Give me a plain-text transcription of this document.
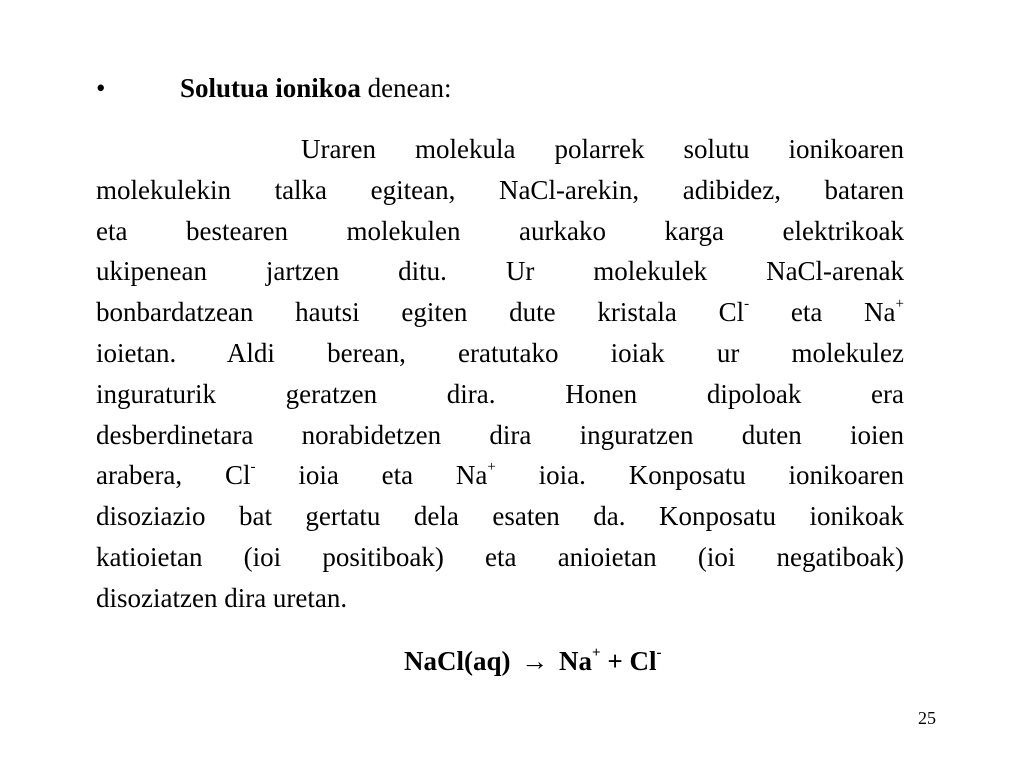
•	Solutua ionikoa denean:
Uraren molekula polarrek solutu ionikoaren
molekulekin talka egitean, NaCl-arekin, adibidez, bataren
eta bestearen molekulen aurkako karga elektrikoak
ukipenean jartzen ditu. Ur molekulek NaCl-arenak
bonbardatzean hautsi egiten dute kristala Cl- eta Na+
ioietan. Aldi berean, eratutako ioiak ur molekulez
inguraturik geratzen dira. Honen dipoloak era
desberdinetara norabidetzen dira inguratzen duten ioien
arabera, Cl- ioia eta Na+ ioia. Konposatu ionikoaren
disoziazio bat gertatu dela esaten da. Konposatu ionikoak
katioietan (ioi positiboak) eta anioietan (ioi negatiboak)
disoziatzen dira uretan.
NaCl(aq) → Na+ + Cl-
25
